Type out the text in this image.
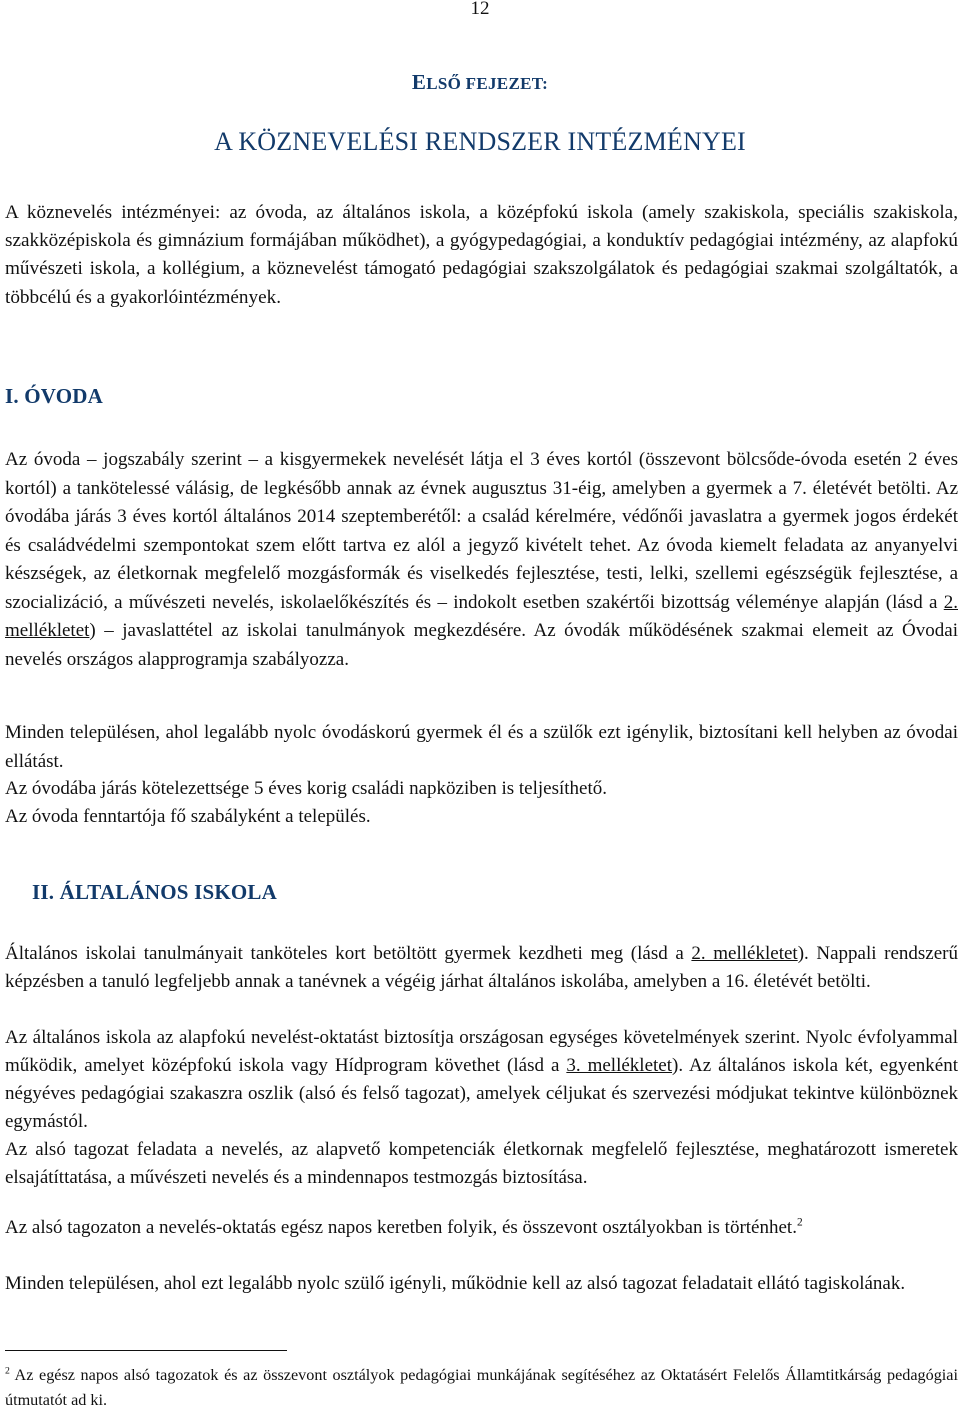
12
ELSŐ FEJEZET:
A KÖZNEVELÉSI RENDSZER INTÉZMÉNYEI
A köznevelés intézményei: az óvoda, az általános iskola, a középfokú iskola (amely szakiskola, speciális szakiskola, szakközépiskola és gimnázium formájában működhet), a gyógypedagógiai, a konduktív pedagógiai intézmény, az alapfokú művészeti iskola, a kollégium, a köznevelést támogató pedagógiai szakszolgálatok és pedagógiai szakmai szolgáltatók, a többcélú és a gyakorlóintézmények.
I. ÓVODA
Az óvoda – jogszabály szerint – a kisgyermekek nevelését látja el 3 éves kortól (összevont bölcsőde-óvoda esetén 2 éves kortól) a tankötelessé válásig, de legkésőbb annak az évnek augusztus 31-éig, amelyben a gyermek a 7. életévét betölti. Az óvodába járás 3 éves kortól általános 2014 szeptemberétől: a család kérelmére, védőnői javaslatra a gyermek jogos érdekét és családvédelmi szempontokat szem előtt tartva ez alól a jegyző kivételt tehet. Az óvoda kiemelt feladata az anyanyelvi készségek, az életkornak megfelelő mozgásformák és viselkedés fejlesztése, testi, lelki, szellemi egészségük fejlesztése, a szocializáció, a művészeti nevelés, iskolaelőkészítés és – indokolt esetben szakértői bizottság véleménye alapján (lásd a 2. mellékletet) – javaslattétel az iskolai tanulmányok megkezdésére. Az óvodák működésének szakmai elemeit az Óvodai nevelés országos alapprogramja szabályozza.
Minden településen, ahol legalább nyolc óvodáskorú gyermek él és a szülők ezt igénylik, biztosítani kell helyben az óvodai ellátást.
Az óvodába járás kötelezettsége 5 éves korig családi napköziben is teljesíthető.
Az óvoda fenntartója fő szabályként a település.
II. ÁLTALÁNOS ISKOLA
Általános iskolai tanulmányait tanköteles kort betöltött gyermek kezdheti meg (lásd a 2. mellékletet). Nappali rendszerű képzésben a tanuló legfeljebb annak a tanévnek a végéig járhat általános iskolába, amelyben a 16. életévét betölti.
Az általános iskola az alapfokú nevelést-oktatást biztosítja országosan egységes követelmények szerint. Nyolc évfolyammal működik, amelyet középfokú iskola vagy Hídprogram követhet (lásd a 3. mellékletet). Az általános iskola két, egyenként négyéves pedagógiai szakaszra oszlik (alsó és felső tagozat), amelyek céljukat és szervezési módjukat tekintve különböznek egymástól.
Az alsó tagozat feladata a nevelés, az alapvető kompetenciák életkornak megfelelő fejlesztése, meghatározott ismeretek elsajátíttatása, a művészeti nevelés és a mindennapos testmozgás biztosítása.
Az alsó tagozaton a nevelés-oktatás egész napos keretben folyik, és összevont osztályokban is történhet.$^2$
Minden településen, ahol ezt legalább nyolc szülő igényli, működnie kell az alsó tagozat feladatait ellátó tagiskolának.
$^2$ Az egész napos alsó tagozatok és az összevont osztályok pedagógiai munkájának segítéséhez az Oktatásért Felelős Államtitkárság pedagógiai útmutatót ad ki.
